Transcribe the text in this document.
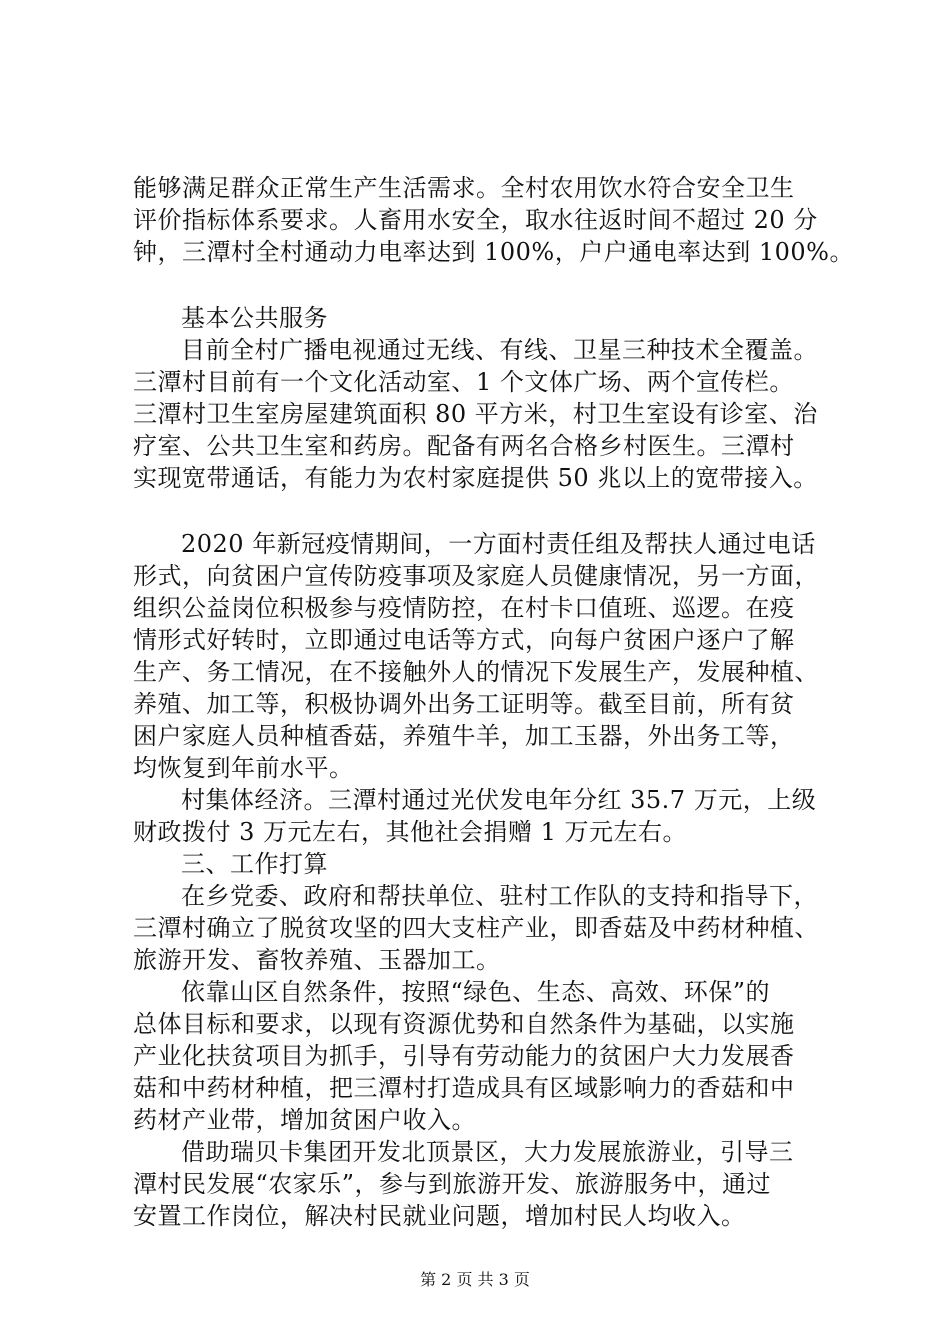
能够满足群众正常生产生活需求。全村农用饮水符合安全卫生
评价指标体系要求。人畜用水安全，取水往返时间不超过 20 分
钟，三潭村全村通动力电率达到 100%，户户通电率达到 100%。
基本公共服务
目前全村广播电视通过无线、有线、卫星三种技术全覆盖。
三潭村目前有一个文化活动室、1 个文体广场、两个宣传栏。
三潭村卫生室房屋建筑面积 80 平方米，村卫生室设有诊室、治
疗室、公共卫生室和药房。配备有两名合格乡村医生。三潭村
实现宽带通话，有能力为农村家庭提供 50 兆以上的宽带接入。
2020 年新冠疫情期间，一方面村责任组及帮扶人通过电话
形式，向贫困户宣传防疫事项及家庭人员健康情况，另一方面，
组织公益岗位积极参与疫情防控，在村卡口值班、巡逻。在疫
情形式好转时，立即通过电话等方式，向每户贫困户逐户了解
生产、务工情况，在不接触外人的情况下发展生产，发展种植、
养殖、加工等，积极协调外出务工证明等。截至目前，所有贫
困户家庭人员种植香菇，养殖牛羊，加工玉器，外出务工等，
均恢复到年前水平。
村集体经济。三潭村通过光伏发电年分红 35.7 万元，上级
财政拨付 3 万元左右，其他社会捐赠 1 万元左右。
三、工作打算
在乡党委、政府和帮扶单位、驻村工作队的支持和指导下，
三潭村确立了脱贫攻坚的四大支柱产业，即香菇及中药材种植、
旅游开发、畜牧养殖、玉器加工。
依靠山区自然条件，按照“绿色、生态、高效、环保”的
总体目标和要求，以现有资源优势和自然条件为基础，以实施
产业化扶贫项目为抓手，引导有劳动能力的贫困户大力发展香
菇和中药材种植，把三潭村打造成具有区域影响力的香菇和中
药材产业带，增加贫困户收入。
借助瑞贝卡集团开发北顶景区，大力发展旅游业，引导三
潭村民发展“农家乐”，参与到旅游开发、旅游服务中，通过
安置工作岗位，解决村民就业问题，增加村民人均收入。
第 2 页 共 3 页
